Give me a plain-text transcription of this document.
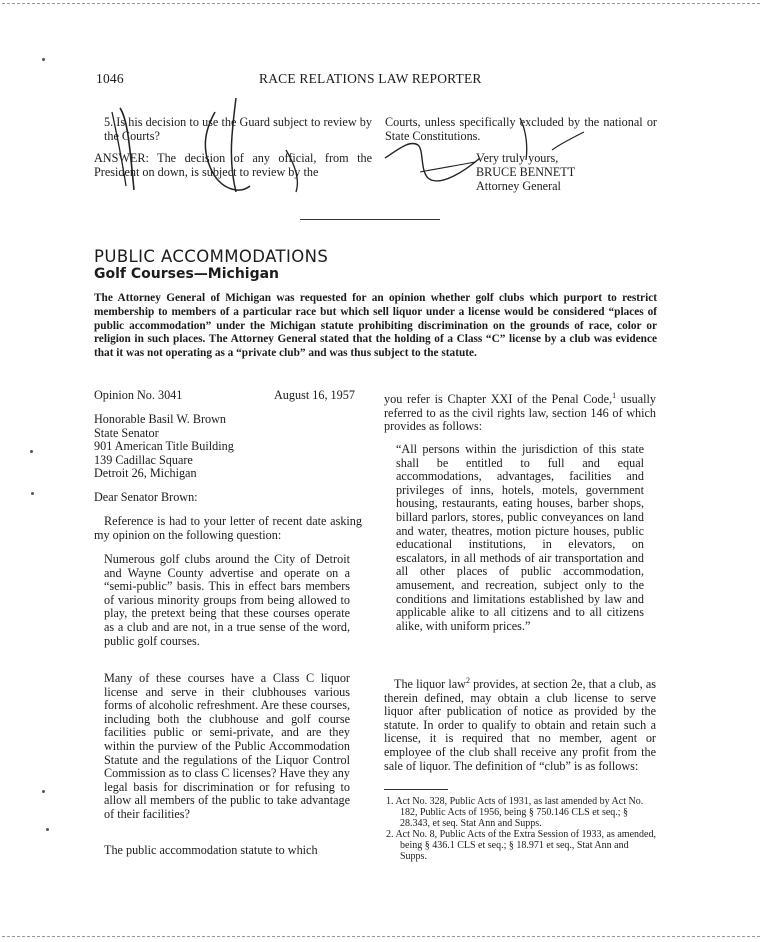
1046	RACE RELATIONS LAW REPORTER
5. Is his decision to use the Guard subject to review by the Courts?
ANSWER: The decision of any official, from the President on down, is subject to review by the
Courts, unless specifically excluded by the national or State Constitutions.
Very truly yours,
BRUCE BENNETT
Attorney General
PUBLIC ACCOMMODATIONS
Golf Courses—Michigan
The Attorney General of Michigan was requested for an opinion whether golf clubs which purport to restrict membership to members of a particular race but which sell liquor under a license would be considered “places of public accommodation” under the Michigan statute prohibiting discrimination on the grounds of race, color or religion in such places. The Attorney General stated that the holding of a Class “C” license by a club was evidence that it was not operating as a “private club” and was thus subject to the statute.
Opinion No. 3041	August 16, 1957
Honorable Basil W. Brown
State Senator
901 American Title Building
139 Cadillac Square
Detroit 26, Michigan
Dear Senator Brown:
Reference is had to your letter of recent date asking my opinion on the following question:
Numerous golf clubs around the City of Detroit and Wayne County advertise and operate on a “semi-public” basis. This in effect bars members of various minority groups from being allowed to play, the pretext being that these courses operate as a club and are not, in a true sense of the word, public golf courses.
Many of these courses have a Class C liquor license and serve in their clubhouses various forms of alcoholic refreshment. Are these courses, including both the clubhouse and golf course facilities public or semi-private, and are they within the purview of the Public Accommodation Statute and the regulations of the Liquor Control Commission as to class C licenses? Have they any legal basis for discrimination or for refusing to allow all members of the public to take advantage of their facilities?
The public accommodation statute to which
you refer is Chapter XXI of the Penal Code,$^1$ usually referred to as the civil rights law, section 146 of which provides as follows:
“All persons within the jurisdiction of this state shall be entitled to full and equal accommodations, advantages, facilities and privileges of inns, hotels, motels, government housing, restaurants, eating houses, barber shops, billard parlors, stores, public conveyances on land and water, theatres, motion picture houses, public educational institutions, in elevators, on escalators, in all methods of air transportation and all other places of public accommodation, amusement, and recreation, subject only to the conditions and limitations established by law and applicable alike to all citizens and to all citizens alike, with uniform prices.”
The liquor law$^2$ provides, at section 2e, that a club, as therein defined, may obtain a club license to serve liquor after publication of notice as provided by the statute. In order to qualify to obtain and retain such a license, it is required that no member, agent or employee of the club shall receive any profit from the sale of liquor. The definition of “club” is as follows:
1. Act No. 328, Public Acts of 1931, as last amended by Act No. 182, Public Acts of 1956, being § 750.146 CLS et seq.; § 28.343, et seq. Stat Ann and Supps.
2. Act No. 8, Public Acts of the Extra Session of 1933, as amended, being § 436.1 CLS et seq.; § 18.971 et seq., Stat Ann and Supps.
